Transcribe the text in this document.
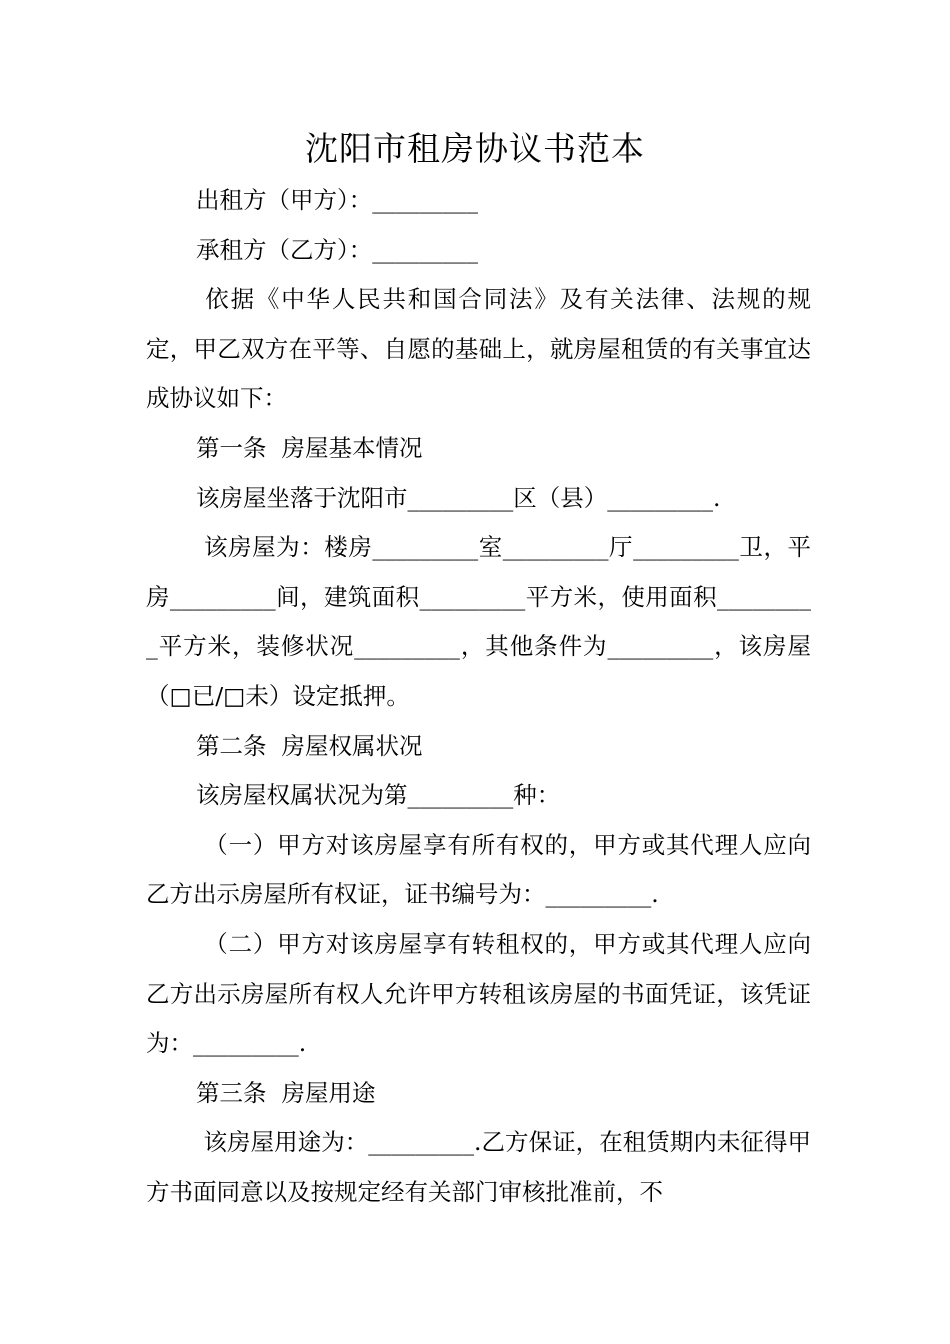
沈阳市租房协议书范本

出租方（甲方）：_________

承租方（乙方）：_________

依据《中华人民共和国合同法》及有关法律、法规的规定，甲乙双方在平等、自愿的基础上，就房屋租赁的有关事宜达成协议如下：

第一条  房屋基本情况

该房屋坐落于沈阳市_________区（县）_________.

该房屋为：楼房_________室_________厅_________卫，平房_________间，建筑面积_________平方米，使用面积_________平方米，装修状况_________，其他条件为_________，该房屋（□已/□未）设定抵押。

第二条  房屋权属状况

该房屋权属状况为第_________种：

（一）甲方对该房屋享有所有权的，甲方或其代理人应向乙方出示房屋所有权证，证书编号为：_________.

（二）甲方对该房屋享有转租权的，甲方或其代理人应向乙方出示房屋所有权人允许甲方转租该房屋的书面凭证，该凭证为：_________.

第三条  房屋用途

该房屋用途为：_________.乙方保证，在租赁期内未征得甲方书面同意以及按规定经有关部门审核批准前，不
